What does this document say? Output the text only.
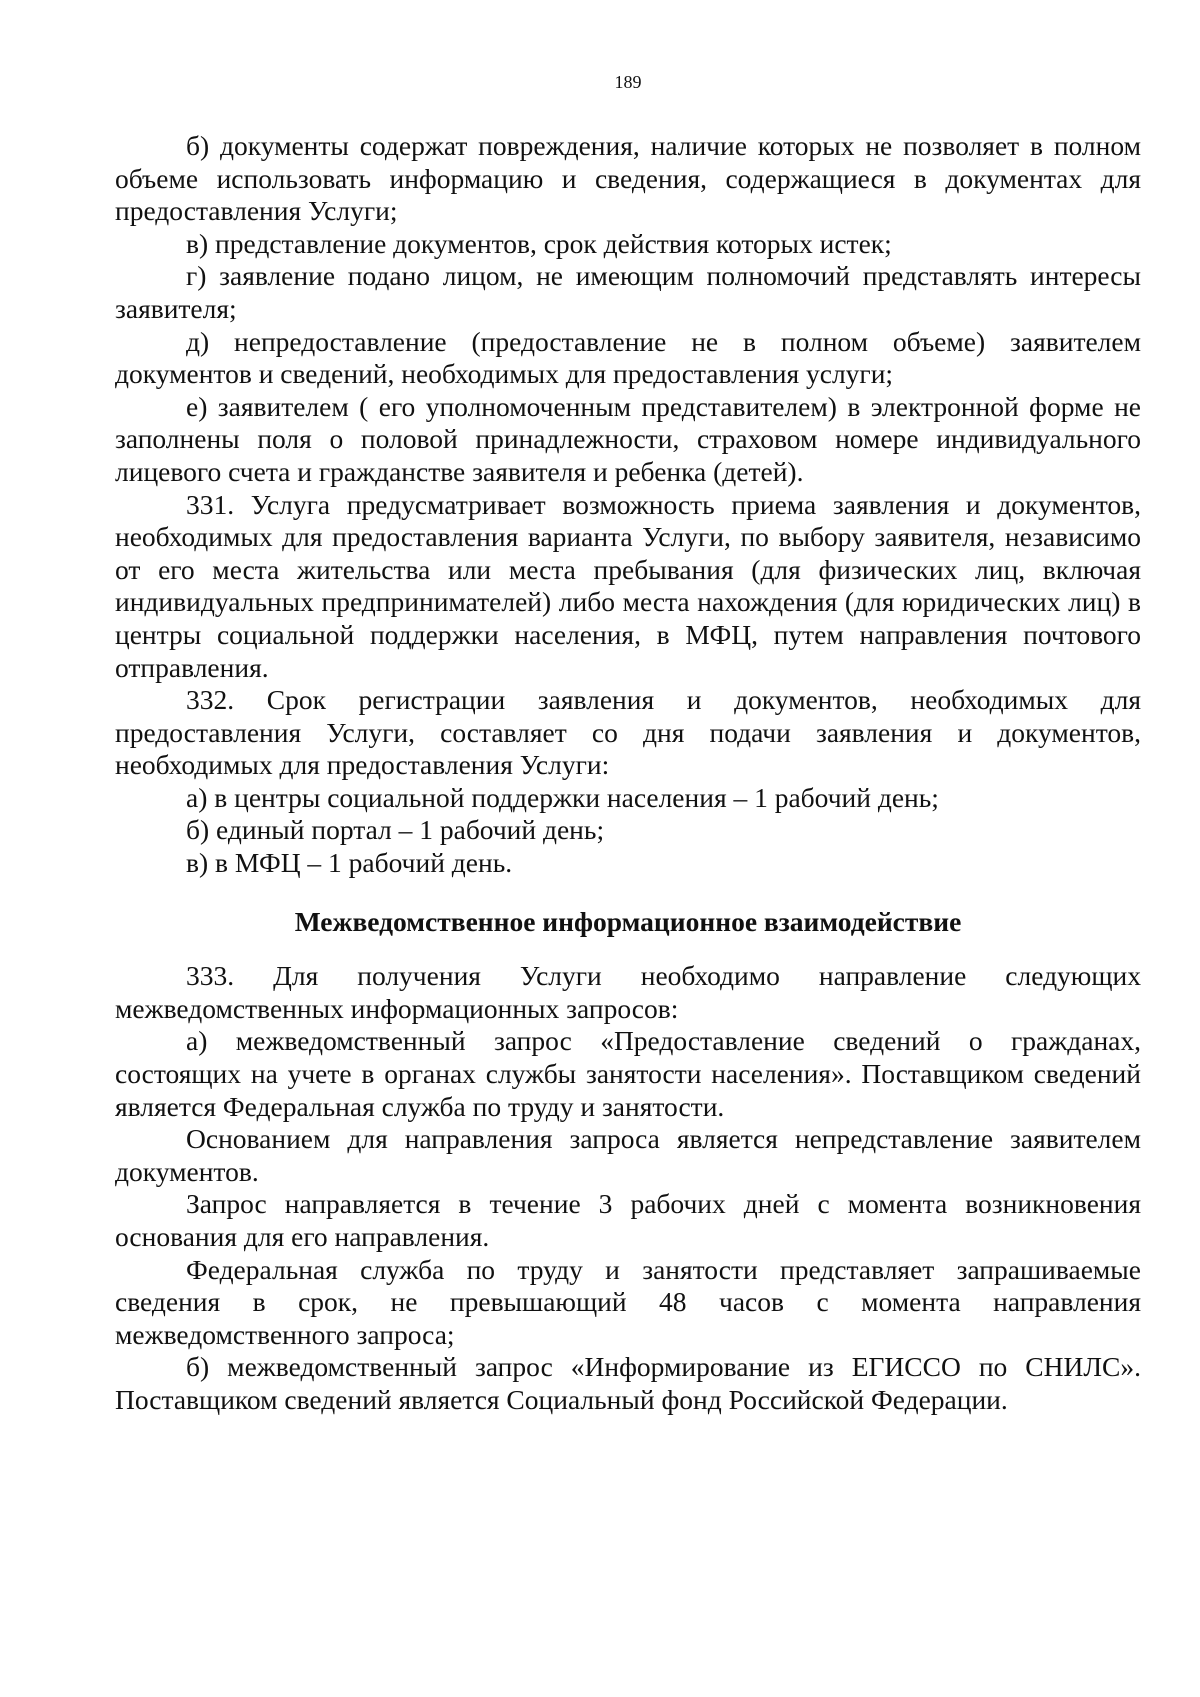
189

б) документы содержат повреждения, наличие которых не позволяет в полном объеме использовать информацию и сведения, содержащиеся в документах для предоставления Услуги;

в) представление документов, срок действия которых истек;

г) заявление подано лицом, не имеющим полномочий представлять интересы заявителя;

д) непредоставление (предоставление не в полном объеме) заявителем документов и сведений, необходимых для предоставления услуги;

е) заявителем ( его уполномоченным представителем) в электронной форме не заполнены поля о половой принадлежности, страховом номере индивидуального лицевого счета и гражданстве заявителя и ребенка (детей).

331. Услуга предусматривает возможность приема заявления и документов, необходимых для предоставления варианта Услуги, по выбору заявителя, независимо от его места жительства или места пребывания (для физических лиц, включая индивидуальных предпринимателей) либо места нахождения (для юридических лиц) в центры социальной поддержки населения, в МФЦ, путем направления почтового отправления.

332. Срок регистрации заявления и документов, необходимых для предоставления Услуги, составляет со дня подачи заявления и документов, необходимых для предоставления Услуги:

а) в центры социальной поддержки населения – 1 рабочий день;

б) единый портал – 1 рабочий день;

в) в МФЦ – 1 рабочий день.

Межведомственное информационное взаимодействие

333. Для получения Услуги необходимо направление следующих межведомственных информационных запросов:

а) межведомственный запрос «Предоставление сведений о гражданах, состоящих на учете в органах службы занятости населения». Поставщиком сведений является Федеральная служба по труду и занятости.

Основанием для направления запроса является непредставление заявителем документов.

Запрос направляется в течение 3 рабочих дней с момента возникновения основания для его направления.

Федеральная служба по труду и занятости представляет запрашиваемые сведения в срок, не превышающий 48 часов с момента направления межведомственного запроса;

б) межведомственный запрос «Информирование из ЕГИССО по СНИЛС». Поставщиком сведений является Социальный фонд Российской Федерации.
